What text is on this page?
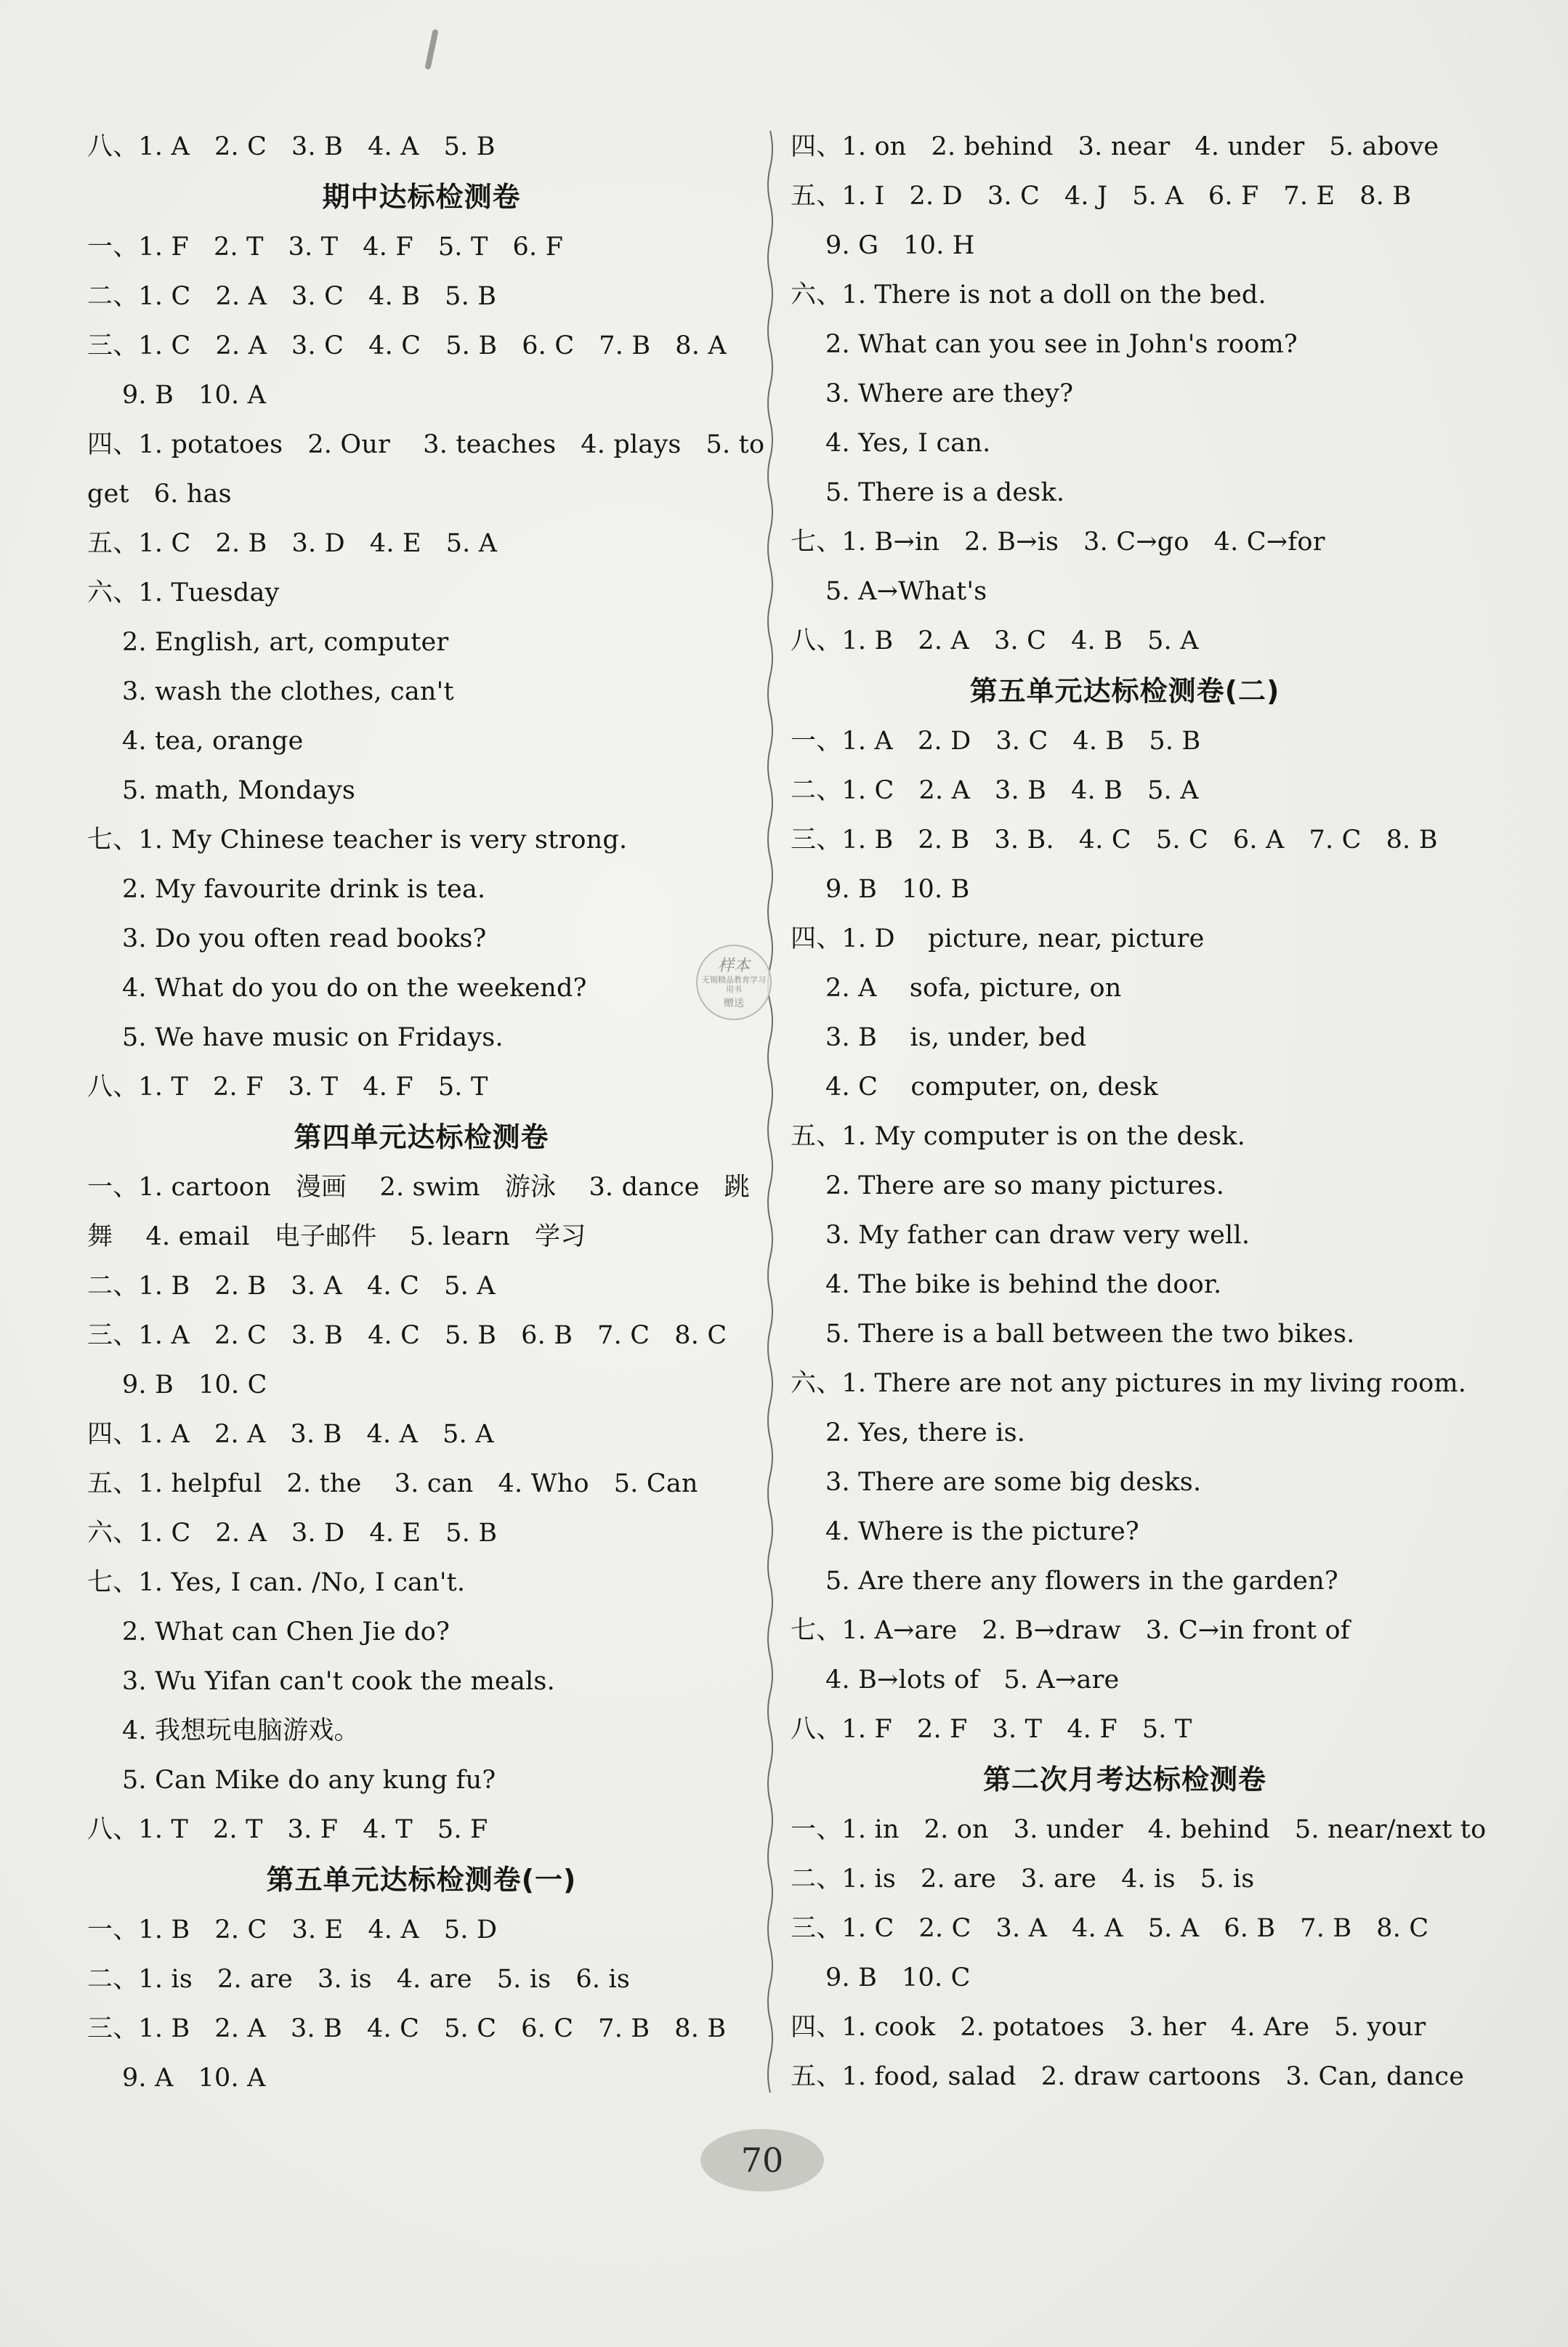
八、1. A   2. C   3. B   4. A   5. B
期中达标检测卷
一、1. F   2. T   3. T   4. F   5. T   6. F
二、1. C   2. A   3. C   4. B   5. B
三、1. C   2. A   3. C   4. C   5. B   6. C   7. B   8. A
9. B   10. A
四、1. potatoes   2. Our    3. teaches   4. plays   5. to
get   6. has
五、1. C   2. B   3. D   4. E   5. A
六、1. Tuesday
2. English, art, computer
3. wash the clothes, can't
4. tea, orange
5. math, Mondays
七、1. My Chinese teacher is very strong.
2. My favourite drink is tea.
3. Do you often read books?
4. What do you do on the weekend?
5. We have music on Fridays.
八、1. T   2. F   3. T   4. F   5. T
第四单元达标检测卷
一、1. cartoon   漫画    2. swim   游泳    3. dance   跳
舞    4. email   电子邮件    5. learn   学习
二、1. B   2. B   3. A   4. C   5. A
三、1. A   2. C   3. B   4. C   5. B   6. B   7. C   8. C
9. B   10. C
四、1. A   2. A   3. B   4. A   5. A
五、1. helpful   2. the    3. can   4. Who   5. Can
六、1. C   2. A   3. D   4. E   5. B
七、1. Yes, I can. /No, I can't.
2. What can Chen Jie do?
3. Wu Yifan can't cook the meals.
4. 我想玩电脑游戏。
5. Can Mike do any kung fu?
八、1. T   2. T   3. F   4. T   5. F
第五单元达标检测卷(一)
一、1. B   2. C   3. E   4. A   5. D
二、1. is   2. are   3. is   4. are   5. is   6. is
三、1. B   2. A   3. B   4. C   5. C   6. C   7. B   8. B
9. A   10. A
四、1. on   2. behind   3. near   4. under   5. above
五、1. I   2. D   3. C   4. J   5. A   6. F   7. E   8. B
9. G   10. H
六、1. There is not a doll on the bed.
2. What can you see in John's room?
3. Where are they?
4. Yes, I can.
5. There is a desk.
七、1. B→in   2. B→is   3. C→go   4. C→for
5. A→What's
八、1. B   2. A   3. C   4. B   5. A
第五单元达标检测卷(二)
一、1. A   2. D   3. C   4. B   5. B
二、1. C   2. A   3. B   4. B   5. A
三、1. B   2. B   3. B.   4. C   5. C   6. A   7. C   8. B
9. B   10. B
四、1. D    picture, near, picture
2. A    sofa, picture, on
3. B    is, under, bed
4. C    computer, on, desk
五、1. My computer is on the desk.
2. There are so many pictures.
3. My father can draw very well.
4. The bike is behind the door.
5. There is a ball between the two bikes.
六、1. There are not any pictures in my living room.
2. Yes, there is.
3. There are some big desks.
4. Where is the picture?
5. Are there any flowers in the garden?
七、1. A→are   2. B→draw   3. C→in front of
4. B→lots of   5. A→are
八、1. F   2. F   3. T   4. F   5. T
第二次月考达标检测卷
一、1. in   2. on   3. under   4. behind   5. near/next to
二、1. is   2. are   3. are   4. is   5. is
三、1. C   2. C   3. A   4. A   5. A   6. B   7. B   8. C
9. B   10. C
四、1. cook   2. potatoes   3. her   4. Are   5. your
五、1. food, salad   2. draw cartoons   3. Can, dance
样本
无锡精品教育学习用书
赠送
70
